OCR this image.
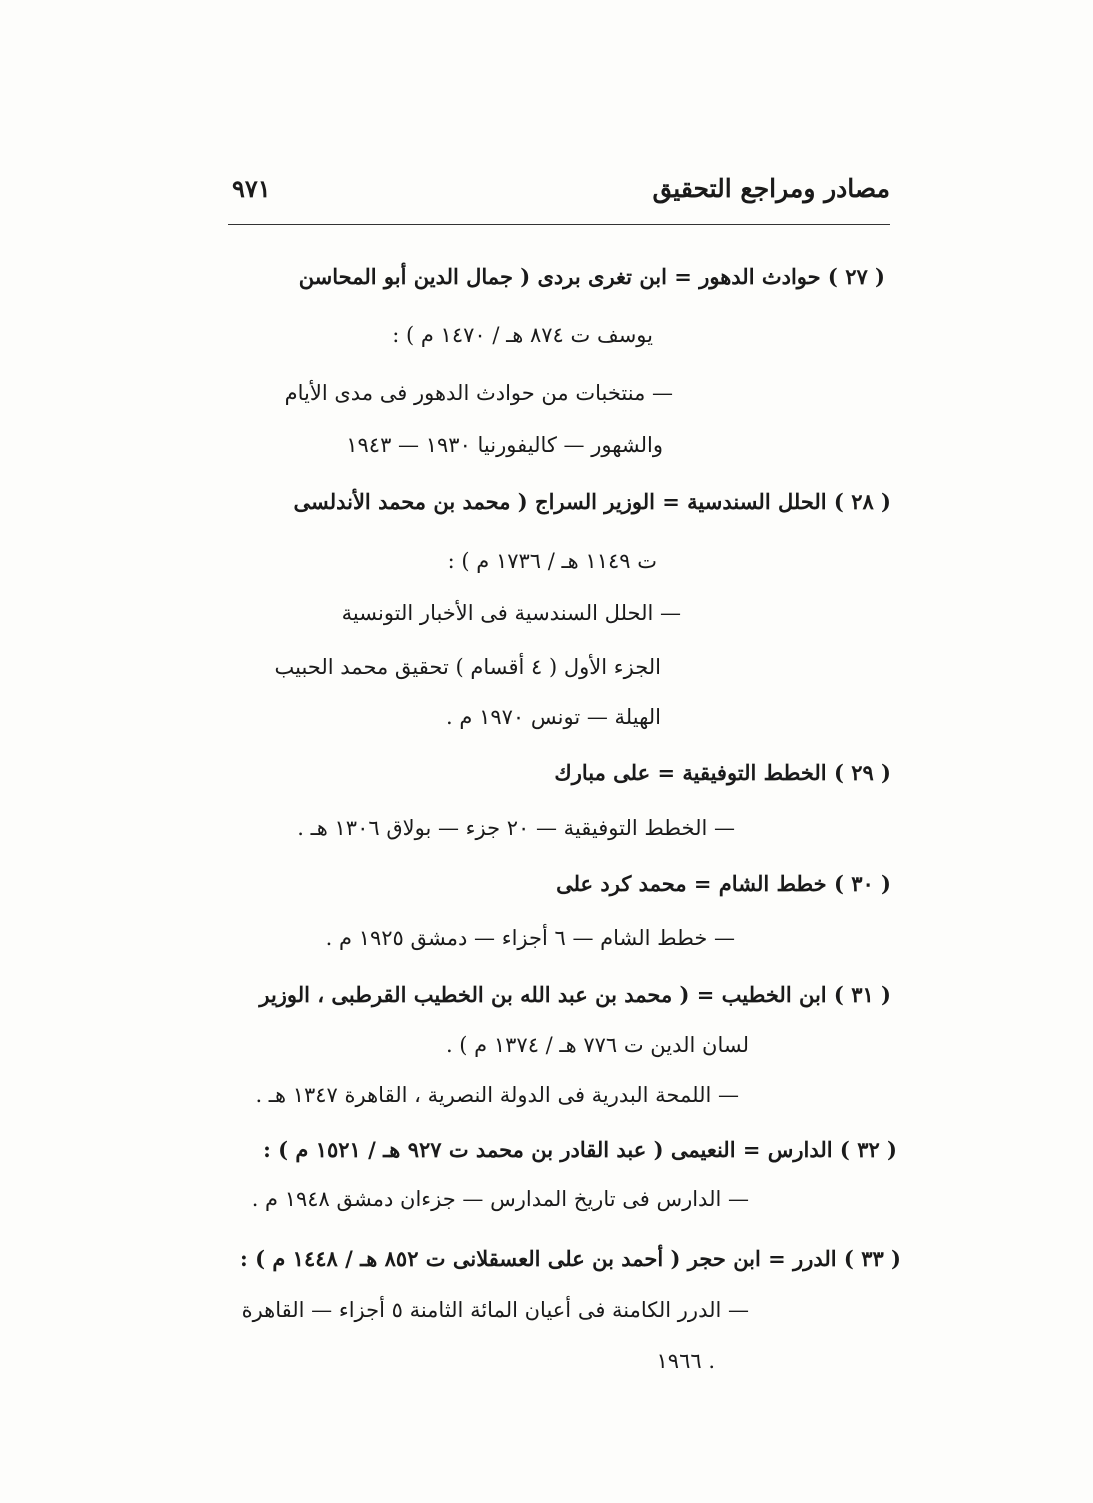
مصادر ومراجع التحقيق
٩٧١
( ٢٧ ) حوادث الدهور = ابن تغرى بردى ( جمال الدين أبو المحاسن
يوسف ت ٨٧٤ هـ / ١٤٧٠ م ) :
— منتخبات من حوادث الدهور فى مدى الأيام
والشهور — كاليفورنيا ١٩٣٠ — ١٩٤٣
( ٢٨ ) الحلل السندسية = الوزير السراج ( محمد بن محمد الأندلسى
ت ١١٤٩ هـ / ١٧٣٦ م ) :
— الحلل السندسية فى الأخبار التونسية
الجزء الأول ( ٤ أقسام ) تحقيق محمد الحبيب
الهيلة — تونس ١٩٧٠ م .
( ٢٩ ) الخطط التوفيقية = على مبارك
— الخطط التوفيقية — ٢٠ جزء — بولاق ١٣٠٦ هـ .
( ٣٠ ) خطط الشام = محمد كرد على
— خطط الشام — ٦ أجزاء — دمشق ١٩٢٥ م .
( ٣١ ) ابن الخطيب = ( محمد بن عبد الله بن الخطيب القرطبى ، الوزير
لسان الدين ت ٧٧٦ هـ / ١٣٧٤ م ) .
— اللمحة البدرية فى الدولة النصرية ، القاهرة ١٣٤٧ هـ .
( ٣٢ ) الدارس = النعيمى ( عبد القادر بن محمد ت ٩٢٧ هـ / ١٥٢١ م ) :
— الدارس فى تاريخ المدارس — جزءان دمشق ١٩٤٨ م .
( ٣٣ ) الدرر = ابن حجر ( أحمد بن على العسقلانى ت ٨٥٢ هـ / ١٤٤٨ م ) :
— الدرر الكامنة فى أعيان المائة الثامنة ٥ أجزاء — القاهرة
١٩٦٦ .
